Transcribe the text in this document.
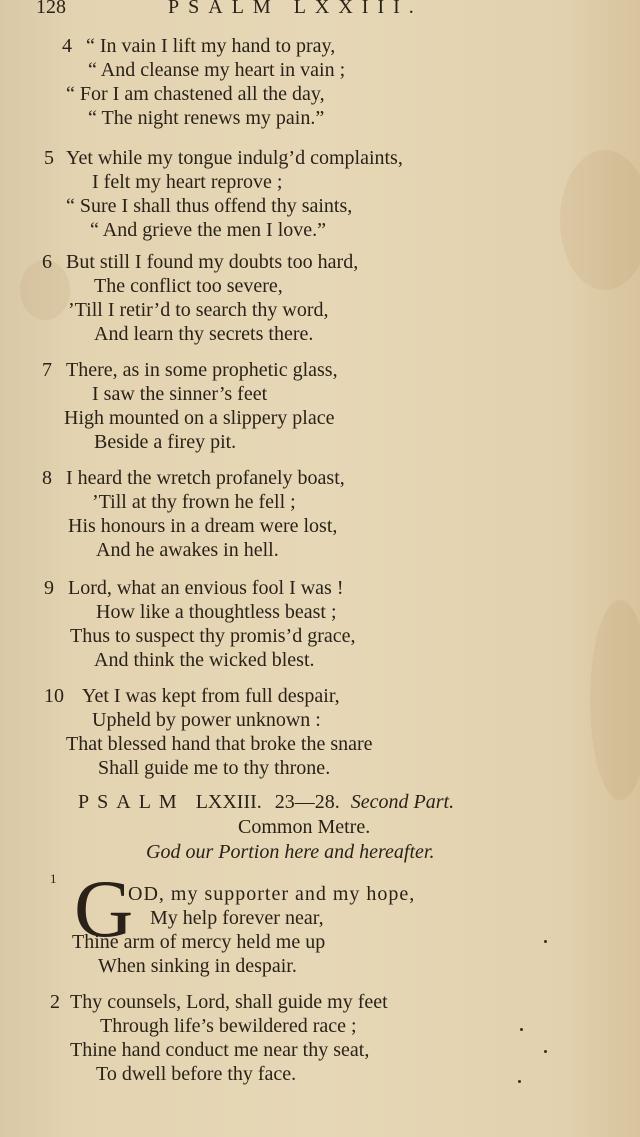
128	PSALM LXXIII.
4 “ In vain I lift my hand to pray,
“ And cleanse my heart in vain ;
“ For I am chastened all the day,
“ The night renews my pain.”
5 Yet while my tongue indulg’d complaints,
I felt my heart reprove ;
“ Sure I shall thus offend thy saints,
“ And grieve the men I love.”
6 But still I found my doubts too hard,
The conflict too severe,
’Till I retir’d to search thy word,
And learn thy secrets there.
7 There, as in some prophetic glass,
I saw the sinner’s feet
High mounted on a slippery place
Beside a firey pit.
8 I heard the wretch profanely boast,
’Till at thy frown he fell ;
His honours in a dream were lost,
And he awakes in hell.
9 Lord, what an envious fool I was !
How like a thoughtless beast ;
Thus to suspect thy promis’d grace,
And think the wicked blest.
10 Yet I was kept from full despair,
Upheld by power unknown :
That blessed hand that broke the snare
Shall guide me to thy throne.
PSALM LXXIII. 23—28. Second Part.
Common Metre.
God our Portion here and hereafter.
1 G
OD, my supporter and my hope,
My help forever near,
Thine arm of mercy held me up
When sinking in despair.
2 Thy counsels, Lord, shall guide my feet
Through life’s bewildered race ;
Thine hand conduct me near thy seat,
To dwell before thy face.
